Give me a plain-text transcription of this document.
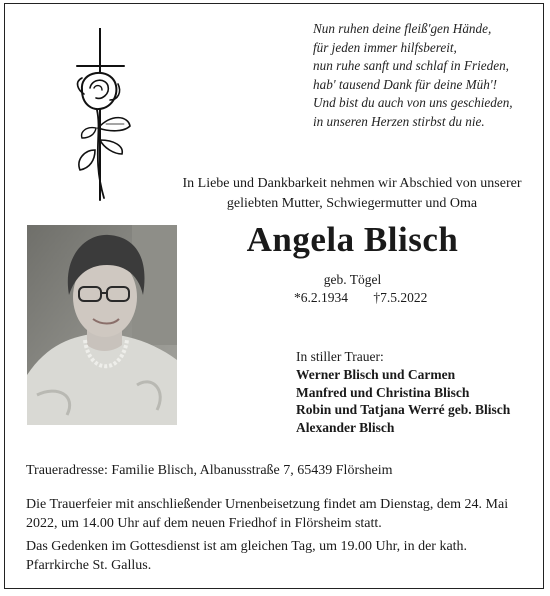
Nun ruhen deine fleiß'gen Hände,
für jeden immer hilfsbereit,
nun ruhe sanft und schlaf in Frieden,
hab' tausend Dank für deine Müh'!
Und bist du auch von uns geschieden,
in unseren Herzen stirbst du nie.
In Liebe und Dankbarkeit nehmen wir Abschied von unserer geliebten Mutter, Schwiegermutter und Oma
Angela Blisch
geb. Tögel
*6.2.1934 †7.5.2022
In stiller Trauer:
Werner Blisch und Carmen
Manfred und Christina Blisch
Robin und Tatjana Werré geb. Blisch
Alexander Blisch
Traueradresse: Familie Blisch, Albanusstraße 7, 65439 Flörsheim
Die Trauerfeier mit anschließender Urnenbeisetzung findet am Dienstag, dem 24. Mai 2022, um 14.00 Uhr auf dem neuen Friedhof in Flörsheim statt.
Das Gedenken im Gottesdienst ist am gleichen Tag, um 19.00 Uhr, in der kath. Pfarrkirche St. Gallus.
